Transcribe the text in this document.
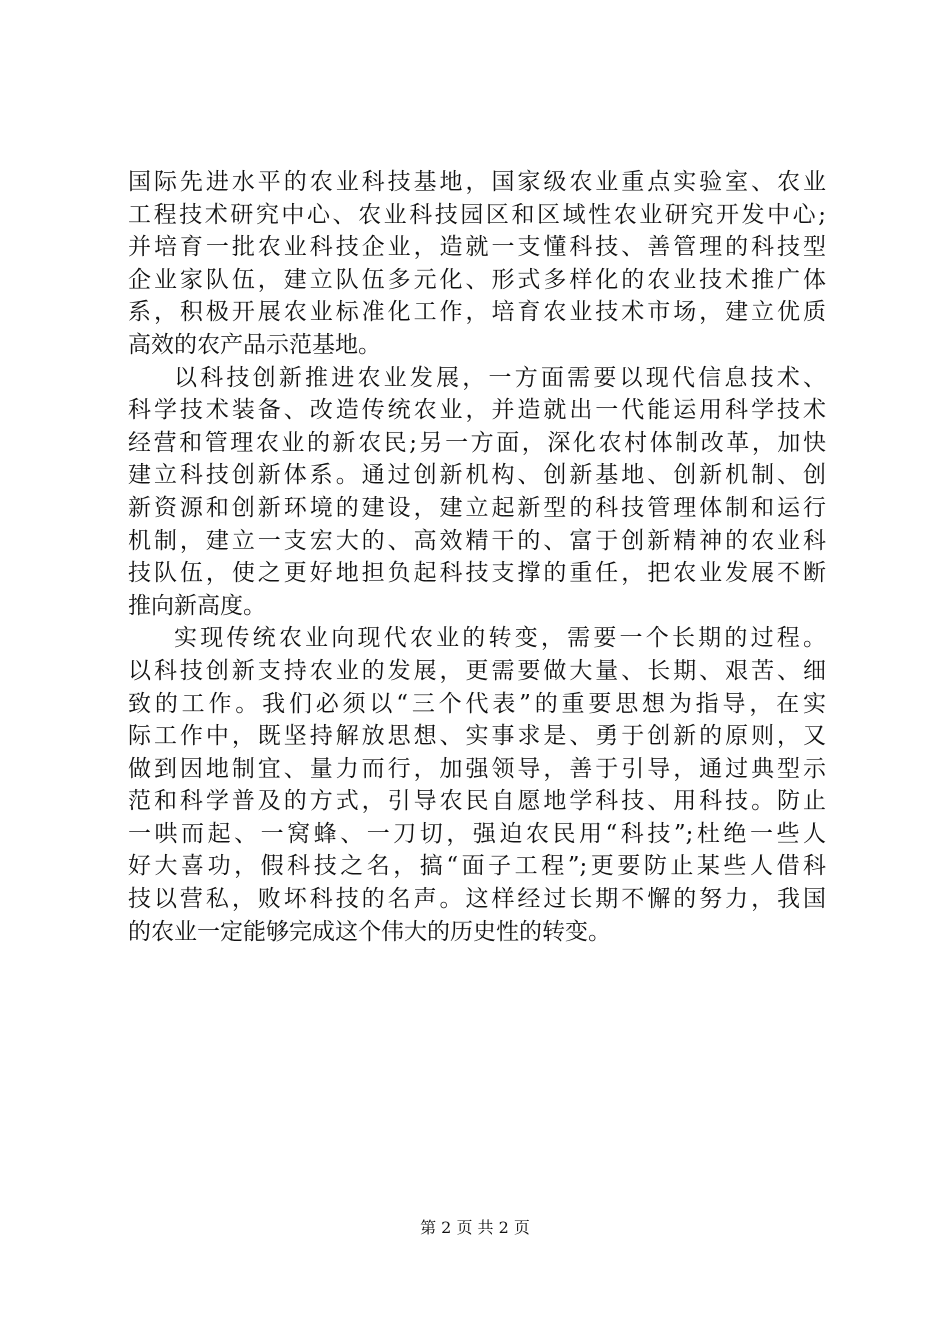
国际先进水平的农业科技基地，国家级农业重点实验室、农业
工程技术研究中心、农业科技园区和区域性农业研究开发中心;
并培育一批农业科技企业，造就一支懂科技、善管理的科技型
企业家队伍，建立队伍多元化、形式多样化的农业技术推广体
系，积极开展农业标准化工作，培育农业技术市场，建立优质
高效的农产品示范基地。
以科技创新推进农业发展，一方面需要以现代信息技术、
科学技术装备、改造传统农业，并造就出一代能运用科学技术
经营和管理农业的新农民;另一方面，深化农村体制改革，加快
建立科技创新体系。通过创新机构、创新基地、创新机制、创
新资源和创新环境的建设，建立起新型的科技管理体制和运行
机制，建立一支宏大的、高效精干的、富于创新精神的农业科
技队伍，使之更好地担负起科技支撑的重任，把农业发展不断
推向新高度。
实现传统农业向现代农业的转变，需要一个长期的过程。
以科技创新支持农业的发展，更需要做大量、长期、艰苦、细
致的工作。我们必须以“三个代表”的重要思想为指导，在实
际工作中，既坚持解放思想、实事求是、勇于创新的原则，又
做到因地制宜、量力而行，加强领导，善于引导，通过典型示
范和科学普及的方式，引导农民自愿地学科技、用科技。防止
一哄而起、一窝蜂、一刀切，强迫农民用“科技”;杜绝一些人
好大喜功，假科技之名，搞“面子工程”;更要防止某些人借科
技以营私，败坏科技的名声。这样经过长期不懈的努力，我国
的农业一定能够完成这个伟大的历史性的转变。
第 2 页 共 2 页
